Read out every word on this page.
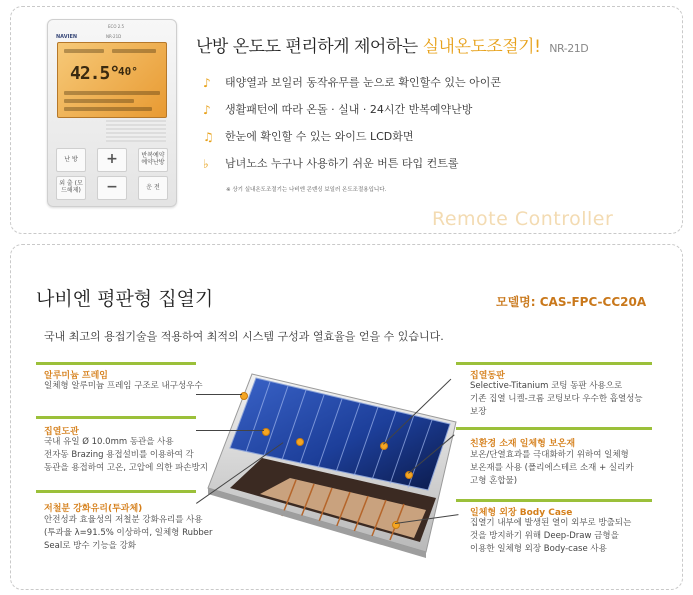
ECO 2.5
NAVIEN	NR-21D
42.5°
40°
난 방	+	반복예약 예약난방
외 출 (모드해제)	−	운 전
난방 온도도 편리하게 제어하는 실내온도조절기! NR-21D
♪ 태양열과 보일러 동작유무를 눈으로 확인할수 있는 아이콘
♪ 생활패턴에 따라 온돌 · 실내 · 24시간 반복예약난방
♫ 한눈에 확인할 수 있는 와이드 LCD화면
♭ 남녀노소 누구나 사용하기 쉬운 버튼 타입 컨트롤
※ 상기 실내온도조절기는 나비엔 콘덴싱 보일러 온도조절용입니다.
Remote Controller
나비엔 평판형 집열기	모델명: CAS-FPC-CC20A
국내 최고의 용접기술을 적용하여 최적의 시스템 구성과 열효율을 얻을 수 있습니다.
알루미늄 프레임
일체형 알루미늄 프레임 구조로 내구성우수
집열도관
국내 유일 Ø 10.0mm 동관을 사용
전자동 Brazing 용접설비를 이용하여 각
동관을 용접하여 고온, 고압에 의한 파손방지
저철분 강화유리(투과체)
안전성과 효율성의 저철분 강화유리를 사용
(투과율 λ=91.5% 이상하여, 일체형 Rubber
Seal로 방수 기능을 강화
집열동판
Selective-Titanium 코팅 동판 사용으로
기존 집열 니켈-크롬 코팅보다 우수한 흡열성능
보장
친환경 소재 일체형 보온재
보온/단열효과를 극대화하기 위하여 일체형
보온재를 사용 (폴리에스테르 소재 + 실리카
고형 혼합물)
일체형 외장 Body Case
집열기 내부에 발생된 열이 외부로 방출되는
것을 방지하기 위해 Deep-Draw 금형을
이용한 일체형 외장 Body-case 사용
